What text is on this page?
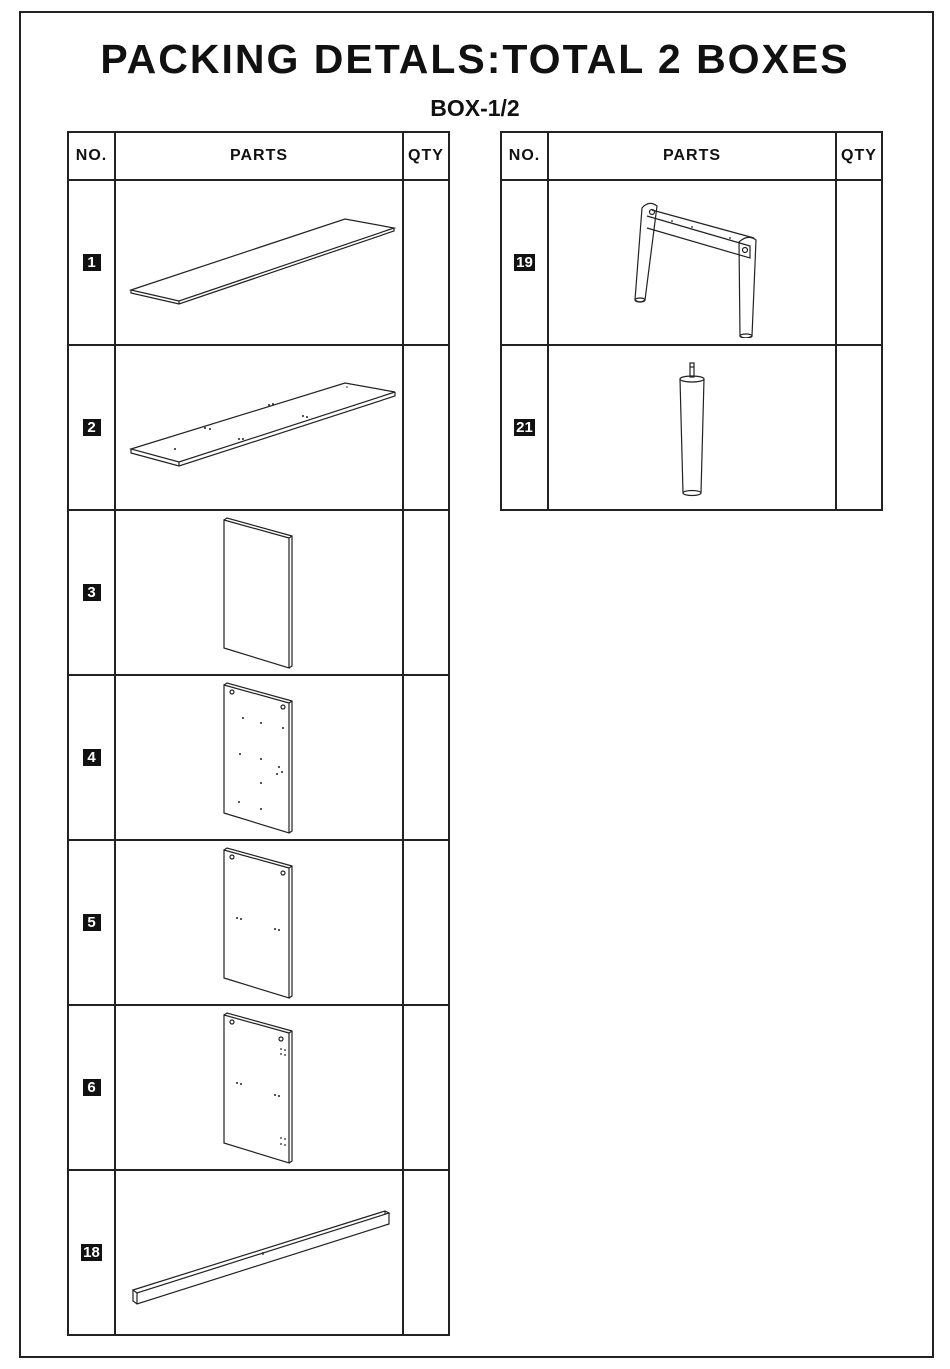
PACKING DETALS:TOTAL 2 BOXES
BOX-1/2
NO.	PARTS	QTY
1	

2	

3	

4	

5	

6	

18	

NO.	PARTS	QTY
19	

21	
